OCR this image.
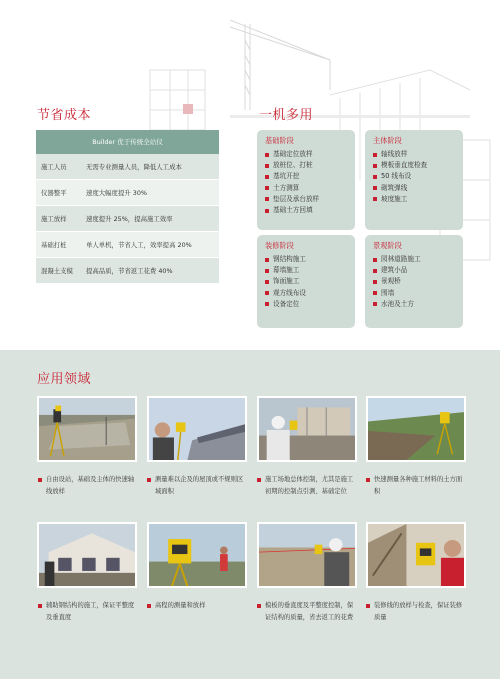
节省成本
Builder 优于传统全站仪
施工人员	无需专业测量人员，降低人工成本
仪器整平	速度大幅度提升 30%
施工放样	速度提升 25%，提高施工效率
基础打桩	单人单机，节省人工，效率提高 20%
混凝土支模	提高品质，节省返工花费 40%
一机多用
基础阶段
基础定位放样
放桩位、打桩
基坑开挖
土方测算
垫层及承台放样
基础土方回填
主体阶段
轴线放样
模板垂直度检查
50 线布设
砌筑弹线
坡度施工
装修阶段
钢结构施工
幕墙施工
饰面施工
观方线布设
设备定位
景观阶段
园林道路施工
建筑小品
景观桥
围墙
水池及土方
应用领域
自由设站，基础及主体的快速轴线放样
测量难以企及的屋顶或不规则区域面积
施工场地总体控制，尤其是施工初期的控制点引测、基础定位
快速测量各种施工材料的土方面积
辅助钢结构的施工，保证平整度及垂直度
高程的测量和放样	模板的垂直度及平整度控制，保证结构的质量，省去返工的花费
装修线的放样与检查，保证装修质量
